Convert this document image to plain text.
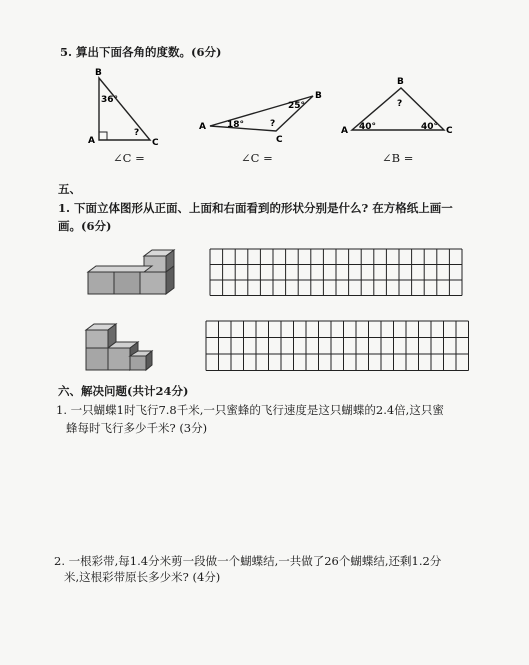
5. 算出下面各角的度数。(6分)
B
A	C
36°
?
A
B
C
18°
25°
?
B
A	C
40°	40°
?
∠C =	∠C =	∠B =
五、
1. 下面立体图形从正面、上面和右面看到的形状分别是什么? 在方格纸上画一
画。(6分)
六、解决问题(共计24分)
1. 一只蝴蝶1时飞行7.8千米,一只蜜蜂的飞行速度是这只蝴蝶的2.4倍,这只蜜
蜂每时飞行多少千米? (3分)
2. 一根彩带,每1.4分米剪一段做一个蝴蝶结,一共做了26个蝴蝶结,还剩1.2分
米,这根彩带原长多少米? (4分)
